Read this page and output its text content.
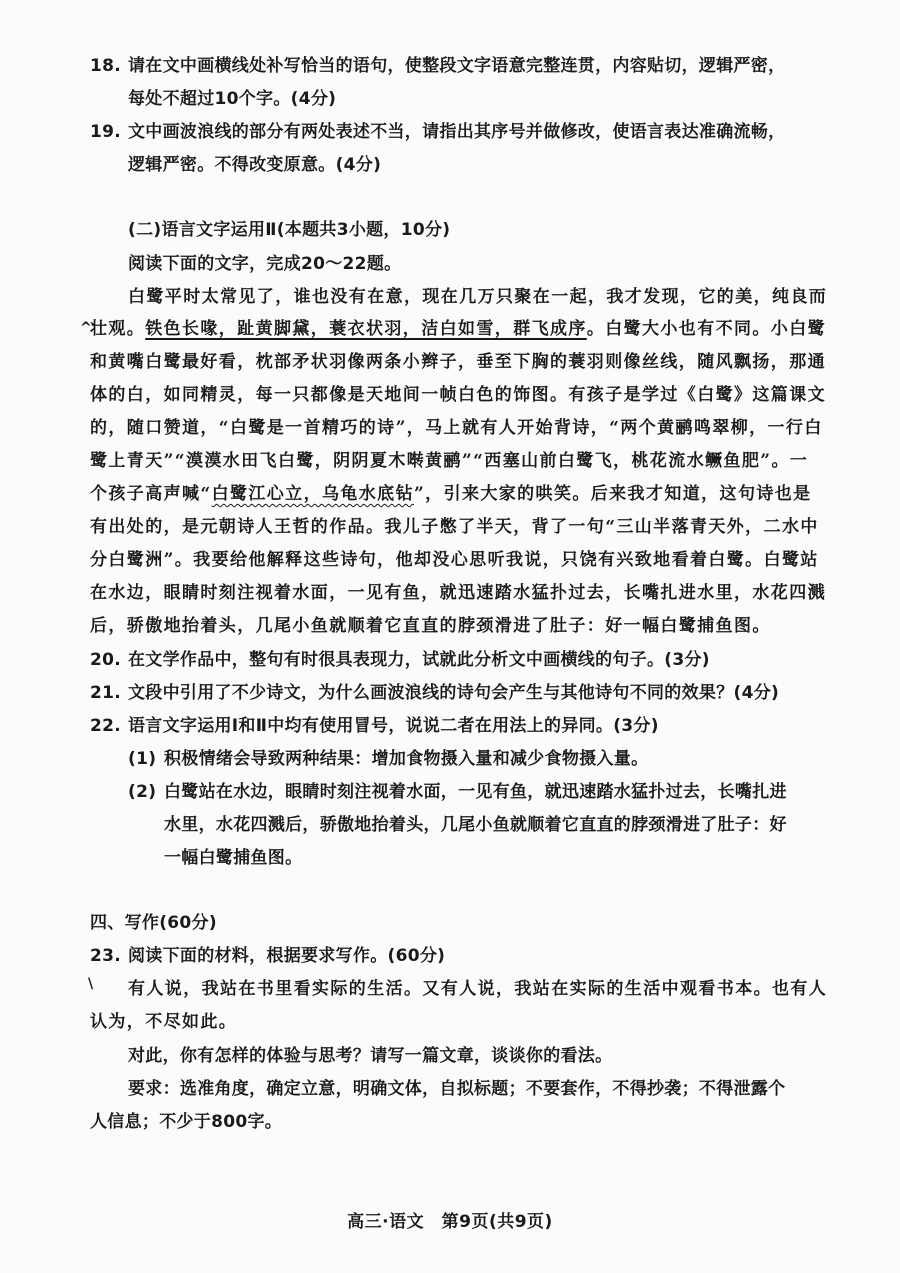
18. 请在文中画横线处补写恰当的语句，使整段文字语意完整连贯，内容贴切，逻辑严密，
每处不超过10个字。(4分)
19. 文中画波浪线的部分有两处表述不当，请指出其序号并做修改，使语言表达准确流畅，
逻辑严密。不得改变原意。(4分)
(二)语言文字运用Ⅱ(本题共3小题，10分)
阅读下面的文字，完成20～22题。
白鹭平时太常见了，谁也没有在意，现在几万只聚在一起，我才发现，它的美，纯良而
^
壮观。铁色长喙，趾黄脚黛，蓑衣状羽，洁白如雪，群飞成序。白鹭大小也有不同。小白鹭
和黄嘴白鹭最好看，枕部矛状羽像两条小辫子，垂至下胸的蓑羽则像丝线，随风飘扬，那通
体的白，如同精灵，每一只都像是天地间一帧白色的饰图。有孩子是学过《白鹭》这篇课文
的，随口赞道，“白鹭是一首精巧的诗”，马上就有人开始背诗，“两个黄鹂鸣翠柳，一行白
鹭上青天”“漠漠水田飞白鹭，阴阴夏木啭黄鹂”“西塞山前白鹭飞，桃花流水鳜鱼肥”。一
个孩子高声喊“白鹭江心立，乌龟水底钻”，引来大家的哄笑。后来我才知道，这句诗也是
有出处的，是元朝诗人王哲的作品。我儿子憋了半天，背了一句“三山半落青天外，二水中
分白鹭洲”。我要给他解释这些诗句，他却没心思听我说，只饶有兴致地看着白鹭。白鹭站
在水边，眼睛时刻注视着水面，一见有鱼，就迅速踏水猛扑过去，长嘴扎进水里，水花四溅
后，骄傲地抬着头，几尾小鱼就顺着它直直的脖颈滑进了肚子：好一幅白鹭捕鱼图。
20. 在文学作品中，整句有时很具表现力，试就此分析文中画横线的句子。(3分)
21. 文段中引用了不少诗文，为什么画波浪线的诗句会产生与其他诗句不同的效果？(4分)
22. 语言文字运用Ⅰ和Ⅱ中均有使用冒号，说说二者在用法上的异同。(3分)
(1) 积极情绪会导致两种结果：增加食物摄入量和减少食物摄入量。
(2) 白鹭站在水边，眼睛时刻注视着水面，一见有鱼，就迅速踏水猛扑过去，长嘴扎进
水里，水花四溅后，骄傲地抬着头，几尾小鱼就顺着它直直的脖颈滑进了肚子：好
一幅白鹭捕鱼图。
四、写作(60分)
23. 阅读下面的材料，根据要求写作。(60分)
\ 有人说，我站在书里看实际的生活。又有人说，我站在实际的生活中观看书本。也有人
认为，不尽如此。
对此，你有怎样的体验与思考？请写一篇文章，谈谈你的看法。
要求：选准角度，确定立意，明确文体，自拟标题；不要套作，不得抄袭；不得泄露个
人信息；不少于800字。
高三·语文　第9页(共9页)
